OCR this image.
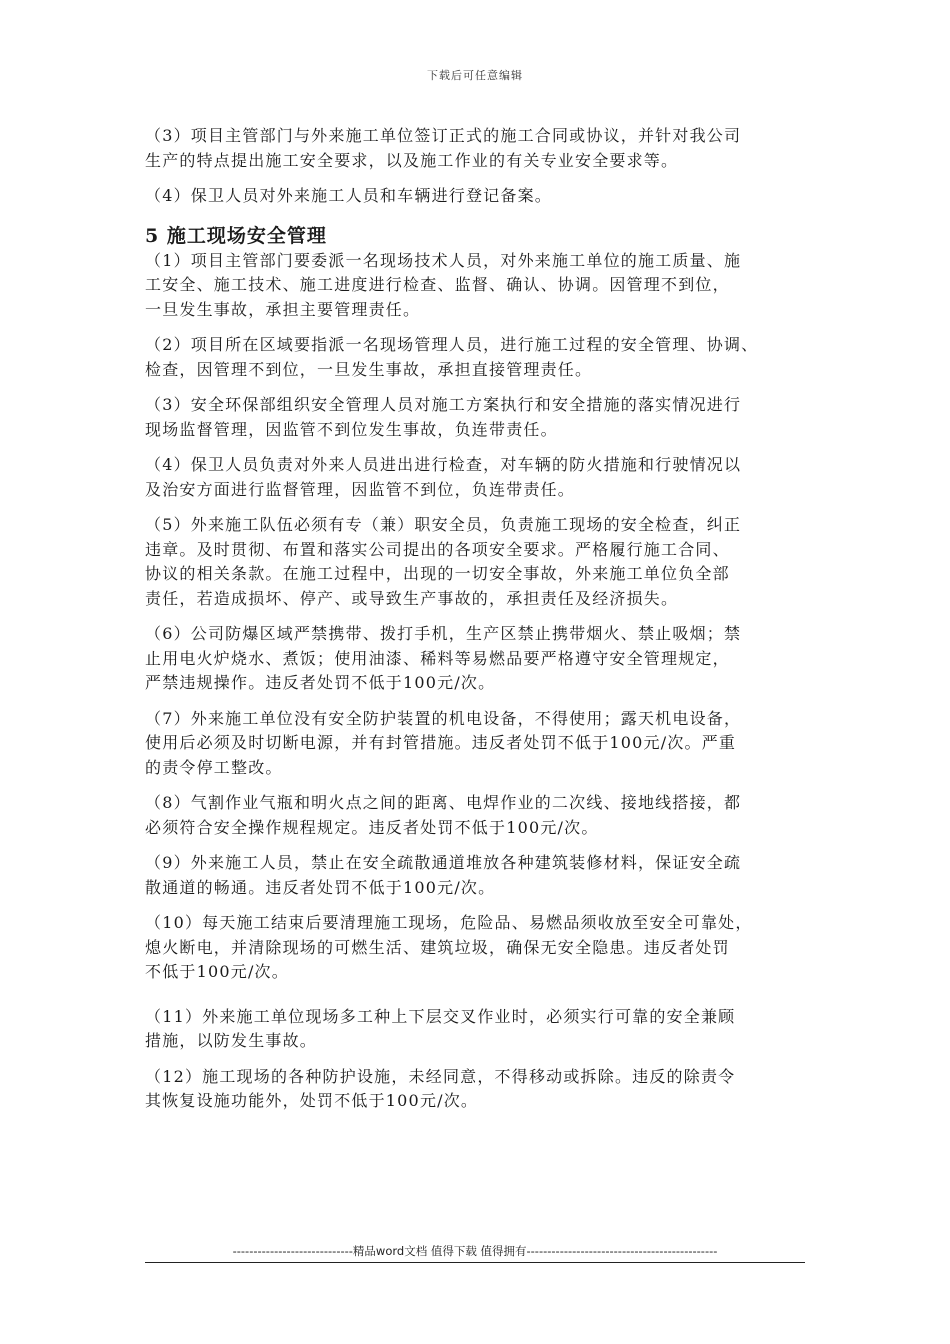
下载后可任意编辑

（3）项目主管部门与外来施工单位签订正式的施工合同或协议，并针对我公司
生产的特点提出施工安全要求，以及施工作业的有关专业安全要求等。

（4）保卫人员对外来施工人员和车辆进行登记备案。

5 施工现场安全管理

（1）项目主管部门要委派一名现场技术人员，对外来施工单位的施工质量、施
工安全、施工技术、施工进度进行检查、监督、确认、协调。因管理不到位，
一旦发生事故，承担主要管理责任。

（2）项目所在区域要指派一名现场管理人员，进行施工过程的安全管理、协调、
检查，因管理不到位，一旦发生事故，承担直接管理责任。

（3）安全环保部组织安全管理人员对施工方案执行和安全措施的落实情况进行
现场监督管理，因监管不到位发生事故，负连带责任。

（4）保卫人员负责对外来人员进出进行检查，对车辆的防火措施和行驶情况以
及治安方面进行监督管理，因监管不到位，负连带责任。

（5）外来施工队伍必须有专（兼）职安全员，负责施工现场的安全检查，纠正
违章。及时贯彻、布置和落实公司提出的各项安全要求。严格履行施工合同、
协议的相关条款。在施工过程中，出现的一切安全事故，外来施工单位负全部
责任，若造成损坏、停产、或导致生产事故的，承担责任及经济损失。

（6）公司防爆区域严禁携带、拨打手机，生产区禁止携带烟火、禁止吸烟；禁
止用电火炉烧水、煮饭；使用油漆、稀料等易燃品要严格遵守安全管理规定，
严禁违规操作。违反者处罚不低于100元/次。

（7）外来施工单位没有安全防护装置的机电设备，不得使用；露天机电设备，
使用后必须及时切断电源，并有封管措施。违反者处罚不低于100元/次。严重
的责令停工整改。

（8）气割作业气瓶和明火点之间的距离、电焊作业的二次线、接地线搭接，都
必须符合安全操作规程规定。违反者处罚不低于100元/次。

（9）外来施工人员，禁止在安全疏散通道堆放各种建筑装修材料，保证安全疏
散通道的畅通。违反者处罚不低于100元/次。

（10）每天施工结束后要清理施工现场，危险品、易燃品须收放至安全可靠处，
熄火断电，并清除现场的可燃生活、建筑垃圾，确保无安全隐患。违反者处罚
不低于100元/次。

（11）外来施工单位现场多工种上下层交叉作业时，必须实行可靠的安全兼顾
措施，以防发生事故。

（12）施工现场的各种防护设施，未经同意，不得移动或拆除。违反的除责令
其恢复设施功能外，处罚不低于100元/次。

-----------------------------精品word文档 值得下载 值得拥有----------------------------------------------
